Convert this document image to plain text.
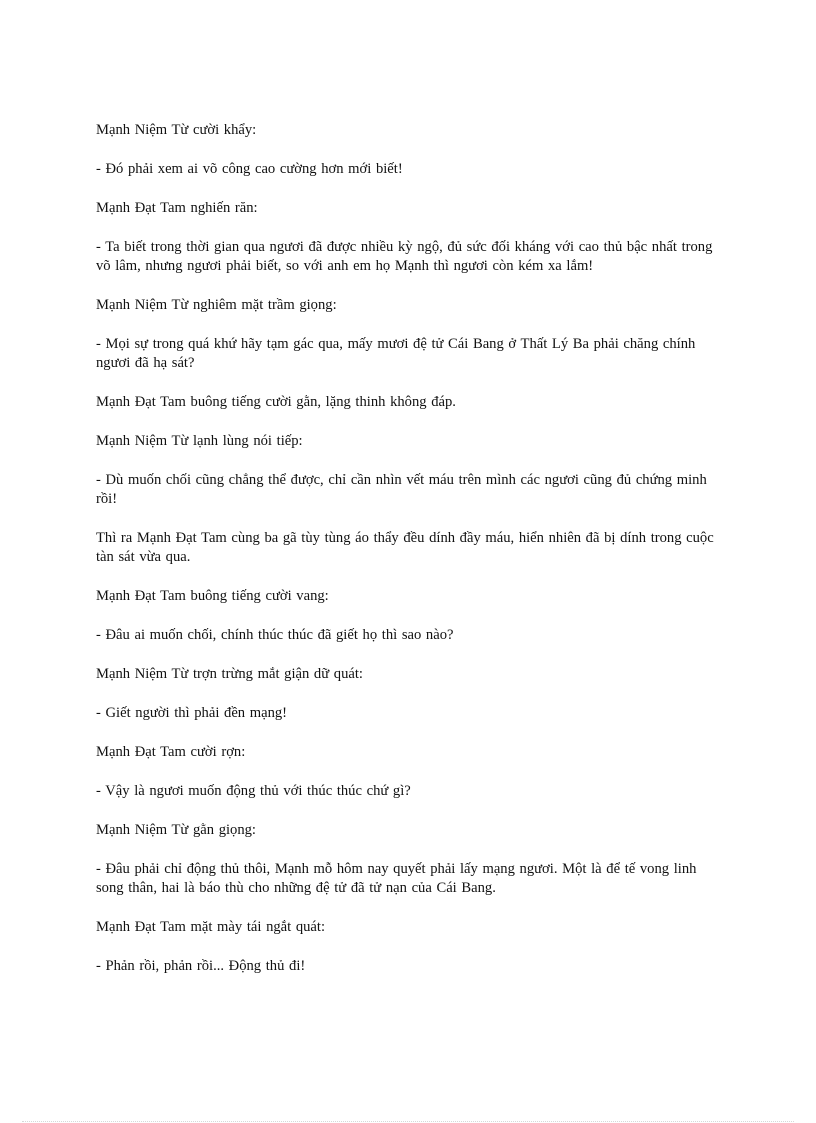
Mạnh Niệm Từ cười khẩy:

- Đó phải xem ai võ công cao cường hơn mới biết!

Mạnh Đạt Tam nghiến răn:

- Ta biết trong thời gian qua ngươi đã được nhiều kỳ ngộ, đủ sức đối kháng với cao thủ bậc nhất trong võ lâm, nhưng ngươi phải biết, so với anh em họ Mạnh thì ngươi còn kém xa lắm!

Mạnh Niệm Từ nghiêm mặt trầm giọng:

- Mọi sự trong quá khứ hãy tạm gác qua, mấy mươi đệ tử Cái Bang ở Thất Lý Ba phải chăng chính ngươi đã hạ sát?

Mạnh Đạt Tam buông tiếng cười gằn, lặng thinh không đáp.

Mạnh Niệm Từ lạnh lùng nói tiếp:

- Dù muốn chối cũng chẳng thể được, chỉ cần nhìn vết máu trên mình các ngươi cũng đủ chứng minh rồi!

Thì ra Mạnh Đạt Tam cùng ba gã tùy tùng áo thẩy đều dính đầy máu, hiển nhiên đã bị dính trong cuộc tàn sát vừa qua.

Mạnh Đạt Tam buông tiếng cười vang:

- Đâu ai muốn chối, chính thúc thúc đã giết họ thì sao nào?

Mạnh Niệm Từ trợn trừng mắt giận dữ quát:

- Giết người thì phải đền mạng!

Mạnh Đạt Tam cười rợn:

- Vậy là ngươi muốn động thủ với thúc thúc chứ gì?

Mạnh Niệm Từ gằn giọng:

- Đâu phải chỉ động thủ thôi, Mạnh mỗ hôm nay quyết phải lấy mạng ngươi. Một là để tế vong linh song thân, hai là báo thù cho những đệ tử đã tử nạn của Cái Bang.

Mạnh Đạt Tam mặt mày tái ngắt quát:

- Phản rồi, phản rồi... Động thủ đi!
